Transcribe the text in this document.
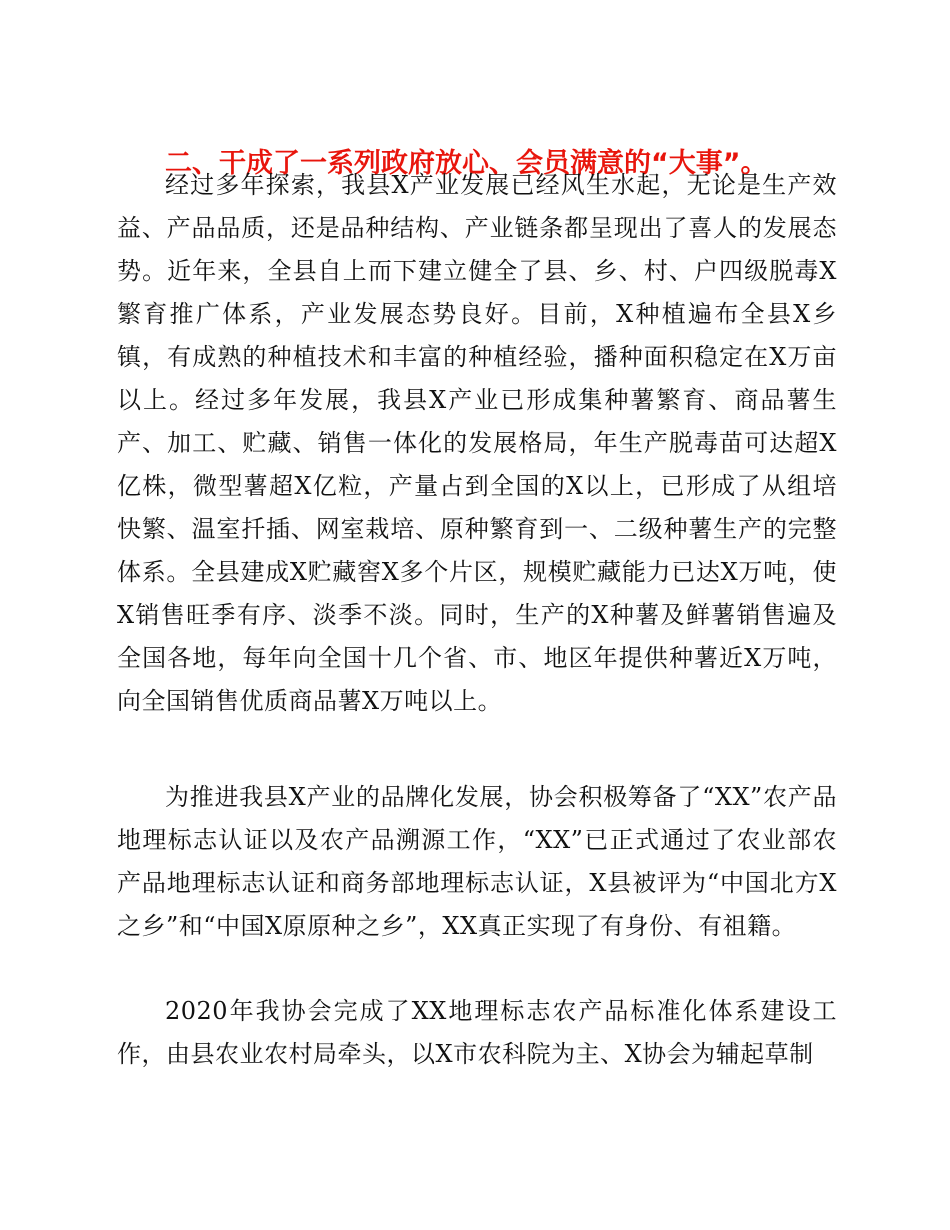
二、干成了一系列政府放心、会员满意的“大事”。

经过多年探索，我县X产业发展已经风生水起，无论是生产效益、产品品质，还是品种结构、产业链条都呈现出了喜人的发展态势。近年来，全县自上而下建立健全了县、乡、村、户四级脱毒X繁育推广体系，产业发展态势良好。目前，X种植遍布全县X乡镇，有成熟的种植技术和丰富的种植经验，播种面积稳定在X万亩以上。经过多年发展，我县X产业已形成集种薯繁育、商品薯生产、加工、贮藏、销售一体化的发展格局，年生产脱毒苗可达超X亿株，微型薯超X亿粒，产量占到全国的X以上，已形成了从组培快繁、温室扦插、网室栽培、原种繁育到一、二级种薯生产的完整体系。全县建成X贮藏窖X多个片区，规模贮藏能力已达X万吨，使X销售旺季有序、淡季不淡。同时，生产的X种薯及鲜薯销售遍及全国各地，每年向全国十几个省、市、地区年提供种薯近X万吨，向全国销售优质商品薯X万吨以上。

为推进我县X产业的品牌化发展，协会积极筹备了“XX”农产品地理标志认证以及农产品溯源工作，“XX”已正式通过了农业部农产品地理标志认证和商务部地理标志认证，X县被评为“中国北方X之乡”和“中国X原原种之乡”，XX真正实现了有身份、有祖籍。

2020年我协会完成了XX地理标志农产品标准化体系建设工作，由县农业农村局牵头，以X市农科院为主、X协会为辅起草制
